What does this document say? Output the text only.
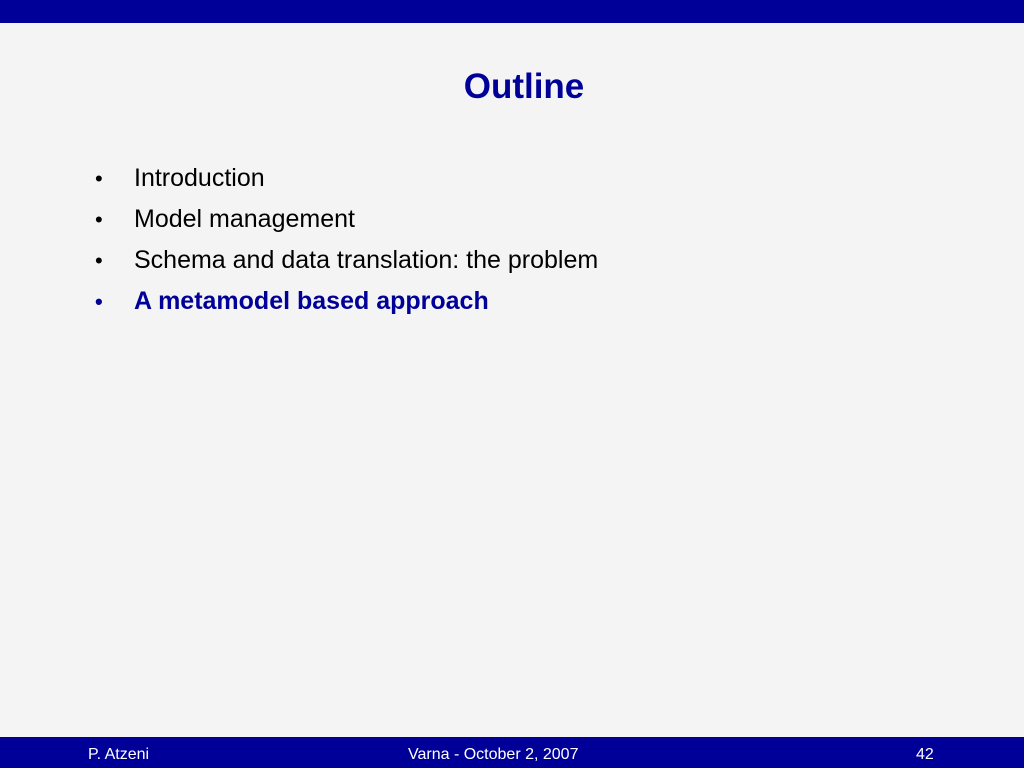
Outline
•	Introduction
•	Model management
•	Schema and data translation: the problem
•	A metamodel based approach
P. Atzeni	Varna - October 2, 2007	42
